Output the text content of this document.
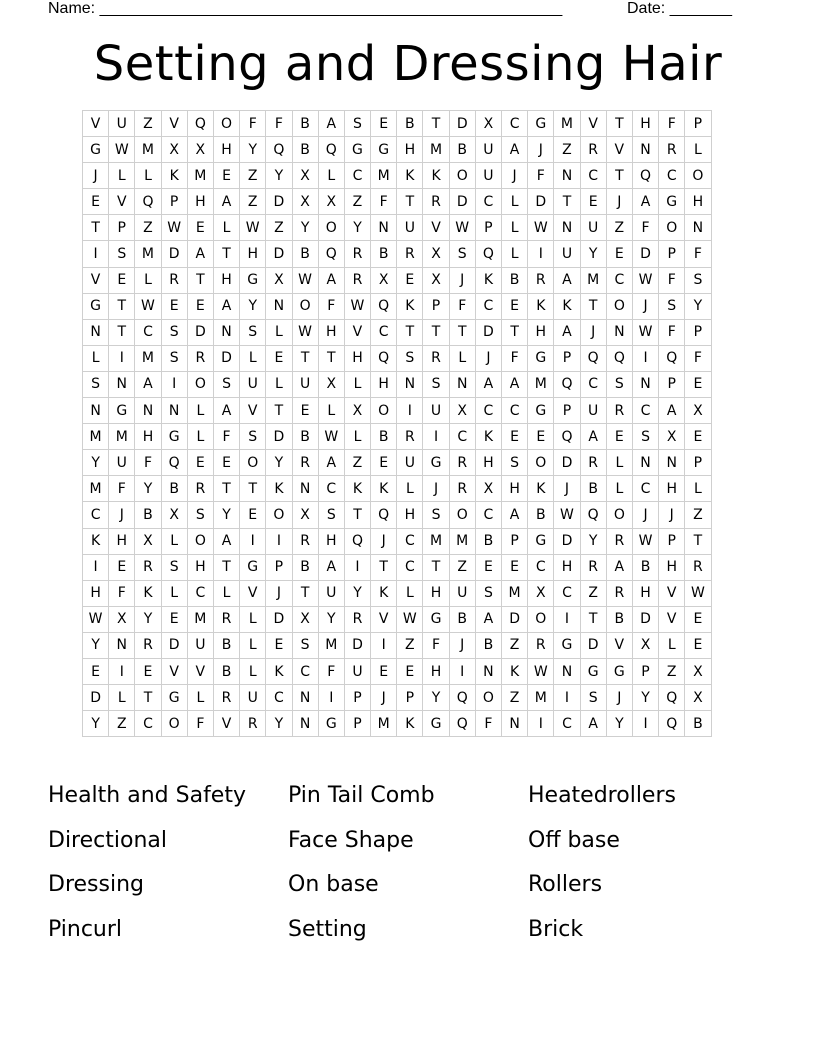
Name: ____________________________________________________	Date: _______
Setting and Dressing Hair
V	U	Z	V	Q	O	F	F	B	A	S	E	B	T	D	X	C	G	M	V	T	H	F	P
G	W	M	X	X	H	Y	Q	B	Q	G	G	H	M	B	U	A	J	Z	R	V	N	R	L
J	L	L	K	M	E	Z	Y	X	L	C	M	K	K	O	U	J	F	N	C	T	Q	C	O
E	V	Q	P	H	A	Z	D	X	X	Z	F	T	R	D	C	L	D	T	E	J	A	G	H
T	P	Z	W	E	L	W	Z	Y	O	Y	N	U	V	W	P	L	W	N	U	Z	F	O	N
I	S	M	D	A	T	H	D	B	Q	R	B	R	X	S	Q	L	I	U	Y	E	D	P	F
V	E	L	R	T	H	G	X	W	A	R	X	E	X	J	K	B	R	A	M	C	W	F	S
G	T	W	E	E	A	Y	N	O	F	W	Q	K	P	F	C	E	K	K	T	O	J	S	Y
N	T	C	S	D	N	S	L	W	H	V	C	T	T	T	D	T	H	A	J	N	W	F	P
L	I	M	S	R	D	L	E	T	T	H	Q	S	R	L	J	F	G	P	Q	Q	I	Q	F
S	N	A	I	O	S	U	L	U	X	L	H	N	S	N	A	A	M	Q	C	S	N	P	E
N	G	N	N	L	A	V	T	E	L	X	O	I	U	X	C	C	G	P	U	R	C	A	X
M	M	H	G	L	F	S	D	B	W	L	B	R	I	C	K	E	E	Q	A	E	S	X	E
Y	U	F	Q	E	E	O	Y	R	A	Z	E	U	G	R	H	S	O	D	R	L	N	N	P
M	F	Y	B	R	T	T	K	N	C	K	K	L	J	R	X	H	K	J	B	L	C	H	L
C	J	B	X	S	Y	E	O	X	S	T	Q	H	S	O	C	A	B	W	Q	O	J	J	Z
K	H	X	L	O	A	I	I	R	H	Q	J	C	M	M	B	P	G	D	Y	R	W	P	T
I	E	R	S	H	T	G	P	B	A	I	T	C	T	Z	E	E	C	H	R	A	B	H	R
H	F	K	L	C	L	V	J	T	U	Y	K	L	H	U	S	M	X	C	Z	R	H	V	W
W	X	Y	E	M	R	L	D	X	Y	R	V	W	G	B	A	D	O	I	T	B	D	V	E
Y	N	R	D	U	B	L	E	S	M	D	I	Z	F	J	B	Z	R	G	D	V	X	L	E
E	I	E	V	V	B	L	K	C	F	U	E	E	H	I	N	K	W	N	G	G	P	Z	X
D	L	T	G	L	R	U	C	N	I	P	J	P	Y	Q	O	Z	M	I	S	J	Y	Q	X
Y	Z	C	O	F	V	R	Y	N	G	P	M	K	G	Q	F	N	I	C	A	Y	I	Q	B
Health and Safety	Pin Tail Comb	Heatedrollers
Directional	Face Shape	Off base
Dressing	On base	Rollers
Pincurl	Setting	Brick
